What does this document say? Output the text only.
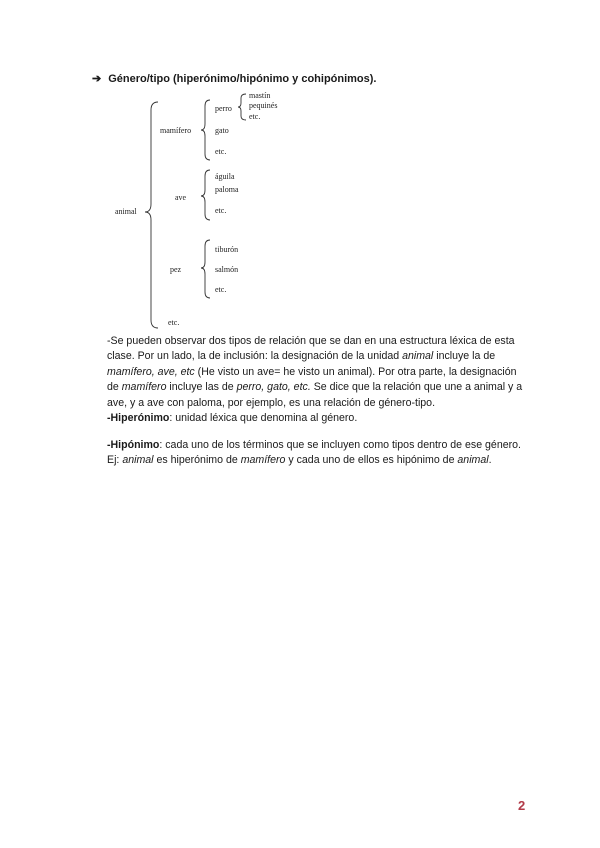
➔ Género/tipo (hiperónimo/hipónimo y cohipónimos).
animal
mamífero
ave
pez
etc.
perro
gato
etc.
mastín
pequinés
etc.
águila
paloma
etc.
tiburón
salmón
etc.
-Se pueden observar dos tipos de relación que se dan en una estructura léxica de esta clase. Por un lado, la de inclusión: la designación de la unidad animal incluye la de mamífero, ave, etc (He visto un ave= he visto un animal). Por otra parte, la designación de mamífero incluye las de perro, gato, etc. Se dice que la relación que une a animal y a ave, y a ave con paloma, por ejemplo, es una relación de género-tipo.
-Hiperónimo: unidad léxica que denomina al género.
-Hipónimo: cada uno de los términos que se incluyen como tipos dentro de ese género. Ej: animal es hiperónimo de mamífero y cada uno de ellos es hipónimo de animal.
2
